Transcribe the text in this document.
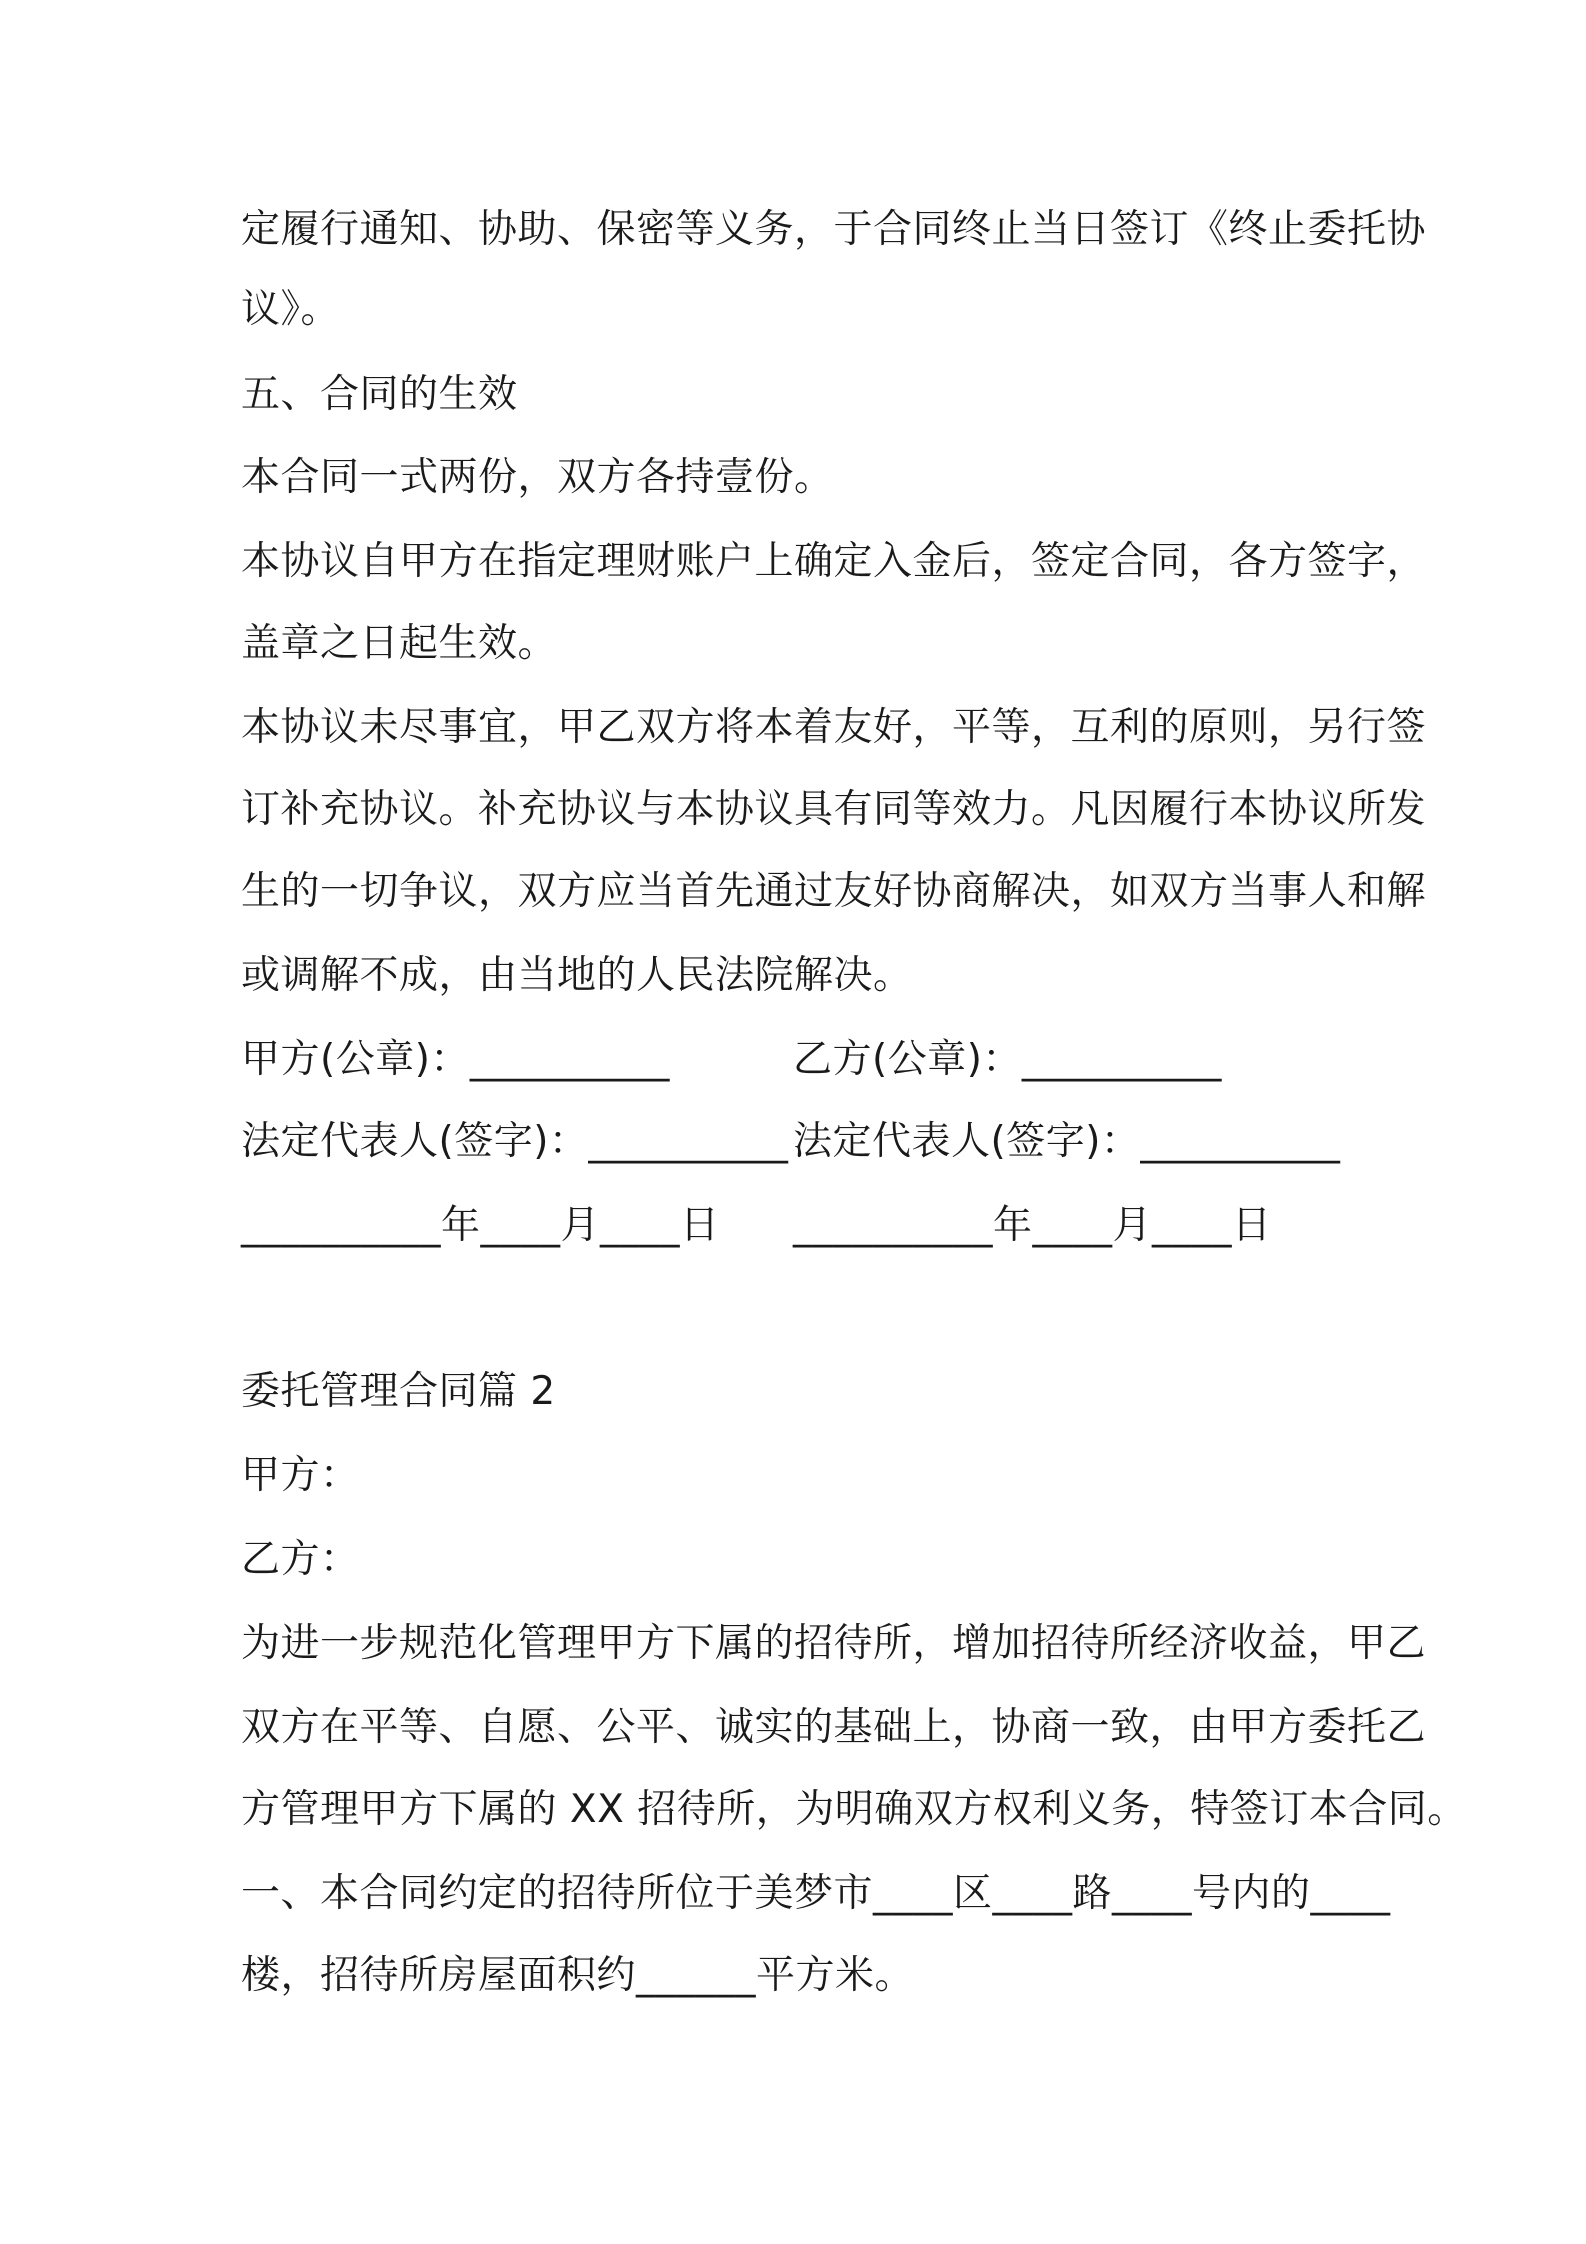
定履行通知、协助、保密等义务，于合同终止当日签订《终止委托协
议》。
五、合同的生效
本合同一式两份，双方各持壹份。
本协议自甲方在指定理财账户上确定入金后，签定合同，各方签字，
盖章之日起生效。
本协议未尽事宜，甲乙双方将本着友好，平等，互利的原则，另行签
订补充协议。补充协议与本协议具有同等效力。凡因履行本协议所发
生的一切争议，双方应当首先通过友好协商解决，如双方当事人和解
或调解不成，由当地的人民法院解决。
甲方(公章)：__________	乙方(公章)：__________
法定代表人(签字)：__________ 法定代表人(签字)：__________
__________年____月____日	__________年____月____日
委托管理合同篇 2
甲方：
乙方：
为进一步规范化管理甲方下属的招待所，增加招待所经济收益，甲乙
双方在平等、自愿、公平、诚实的基础上，协商一致，由甲方委托乙
方管理甲方下属的 XX 招待所，为明确双方权利义务，特签订本合同。
一、本合同约定的招待所位于美梦市____区____路____号内的____
楼，招待所房屋面积约______平方米。
